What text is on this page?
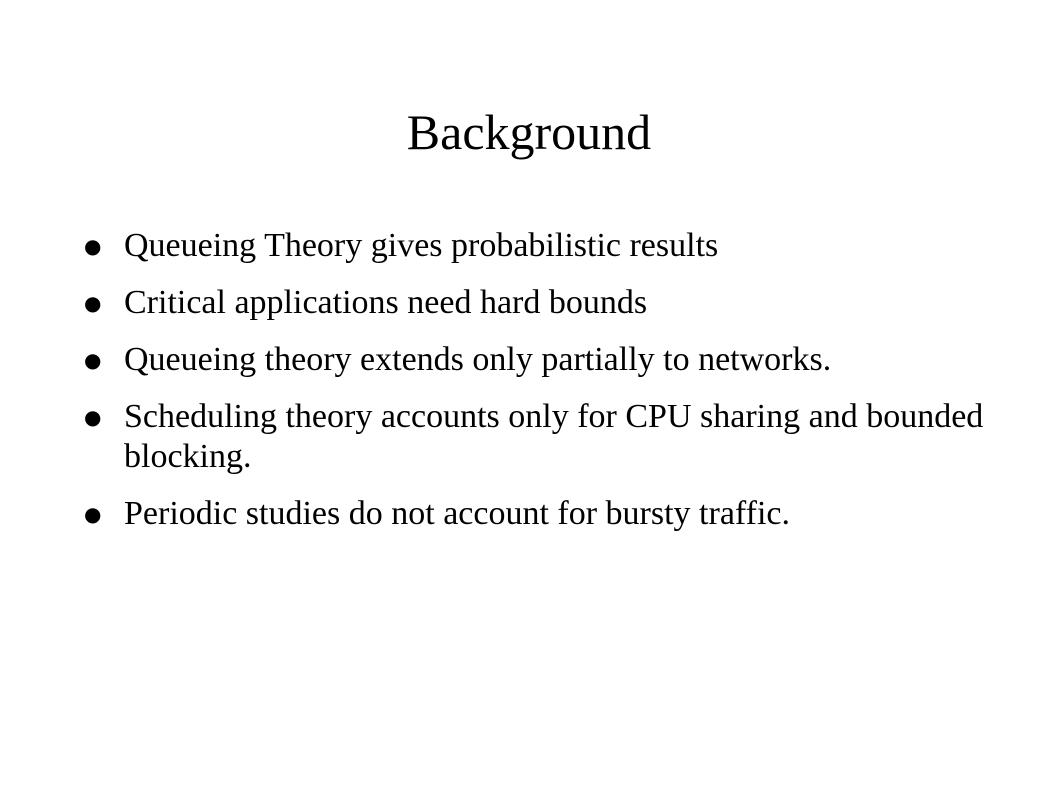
Background
● Queueing Theory gives probabilistic results
● Critical applications need hard bounds
● Queueing theory extends only partially to networks.
● Scheduling theory accounts only for CPU sharing and bounded blocking.
● Periodic studies do not account for bursty traffic.
